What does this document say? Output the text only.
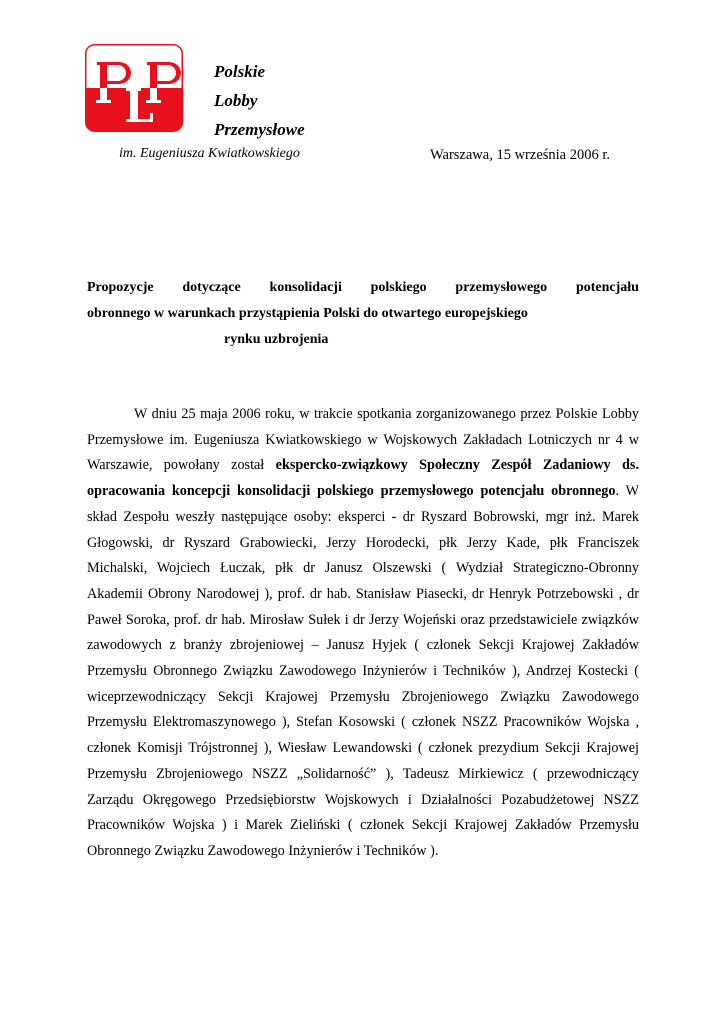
Polskie
Lobby
Przemysłowe
im. Eugeniusza Kwiatkowskiego	Warszawa, 15 września 2006 r.
Propozycje dotyczące konsolidacji polskiego przemysłowego potencjału
obronnego w warunkach przystąpienia Polski do otwartego europejskiego
rynku uzbrojenia

W dniu 25 maja 2006 roku, w trakcie spotkania zorganizowanego przez Polskie Lobby Przemysłowe im. Eugeniusza Kwiatkowskiego w Wojskowych Zakładach Lotniczych nr 4 w Warszawie, powołany został ekspercko-związkowy Społeczny Zespół Zadaniowy ds. opracowania koncepcji konsolidacji polskiego przemysłowego potencjału obronnego. W skład Zespołu weszły następujące osoby: eksperci - dr Ryszard Bobrowski, mgr inż. Marek Głogowski, dr Ryszard Grabowiecki, Jerzy Horodecki, płk Jerzy Kade, płk Franciszek Michalski, Wojciech Łuczak, płk dr Janusz Olszewski ( Wydział Strategiczno-Obronny Akademii Obrony Narodowej ), prof. dr hab. Stanisław Piasecki, dr Henryk Potrzebowski , dr Paweł Soroka, prof. dr hab. Mirosław Sułek i dr Jerzy Wojeński oraz przedstawiciele związków zawodowych z branży zbrojeniowej – Janusz Hyjek ( członek Sekcji Krajowej Zakładów Przemysłu Obronnego Związku Zawodowego Inżynierów i Techników ), Andrzej Kostecki ( wiceprzewodniczący Sekcji Krajowej Przemysłu Zbrojeniowego Związku Zawodowego Przemysłu Elektromaszynowego ), Stefan Kosowski ( członek NSZZ Pracowników Wojska , członek Komisji Trójstronnej ), Wiesław Lewandowski ( członek prezydium Sekcji Krajowej Przemysłu Zbrojeniowego NSZZ „Solidarność” ), Tadeusz Mirkiewicz ( przewodniczący Zarządu Okręgowego Przedsiębiorstw Wojskowych i Działalności Pozabudżetowej NSZZ Pracowników Wojska ) i Marek Zieliński ( członek Sekcji Krajowej Zakładów Przemysłu Obronnego Związku Zawodowego Inżynierów i Techników ).
